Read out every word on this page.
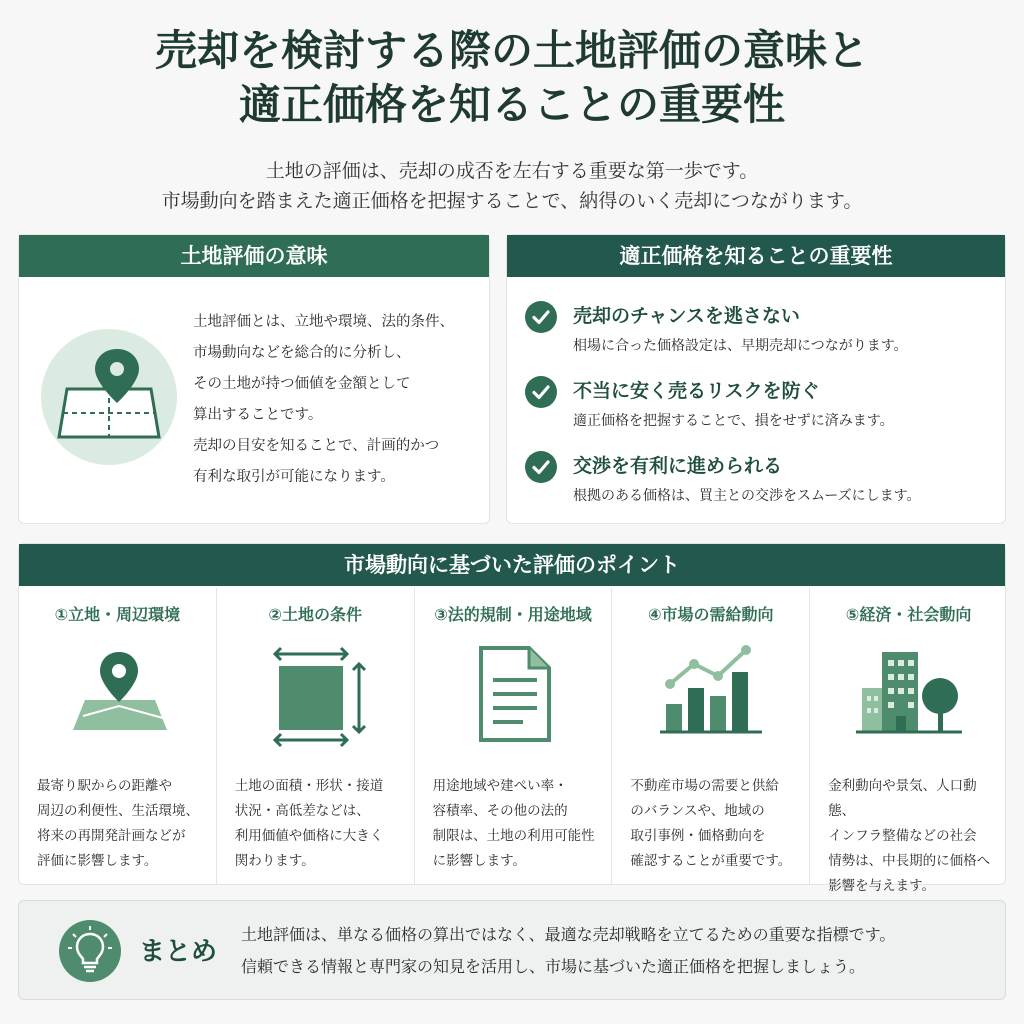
売却を検討する際の土地評価の意味と
適正価格を知ることの重要性
土地の評価は、売却の成否を左右する重要な第一歩です。
市場動向を踏まえた適正価格を把握することで、納得のいく売却につながります。
土地評価の意味
土地評価とは、立地や環境、法的条件、
市場動向などを総合的に分析し、
その土地が持つ価値を金額として
算出することです。
売却の目安を知ることで、計画的かつ
有利な取引が可能になります。
適正価格を知ることの重要性
売却のチャンスを逃さない
相場に合った価格設定は、早期売却につながります。
不当に安く売るリスクを防ぐ
適正価格を把握することで、損をせずに済みます。
交渉を有利に進められる
根拠のある価格は、買主との交渉をスムーズにします。
市場動向に基づいた評価のポイント
①立地・周辺環境
最寄り駅からの距離や
周辺の利便性、生活環境、
将来の再開発計画などが
評価に影響します。
②土地の条件
土地の面積・形状・接道
状況・高低差などは、
利用価値や価格に大きく
関わります。
③法的規制・用途地域
用途地域や建ぺい率・
容積率、その他の法的
制限は、土地の利用可能性
に影響します。
④市場の需給動向
不動産市場の需要と供給
のバランスや、地域の
取引事例・価格動向を
確認することが重要です。
⑤経済・社会動向
金利動向や景気、人口動態、
インフラ整備などの社会
情勢は、中長期的に価格へ
影響を与えます。
まとめ
土地評価は、単なる価格の算出ではなく、最適な売却戦略を立てるための重要な指標です。
信頼できる情報と専門家の知見を活用し、市場に基づいた適正価格を把握しましょう。
